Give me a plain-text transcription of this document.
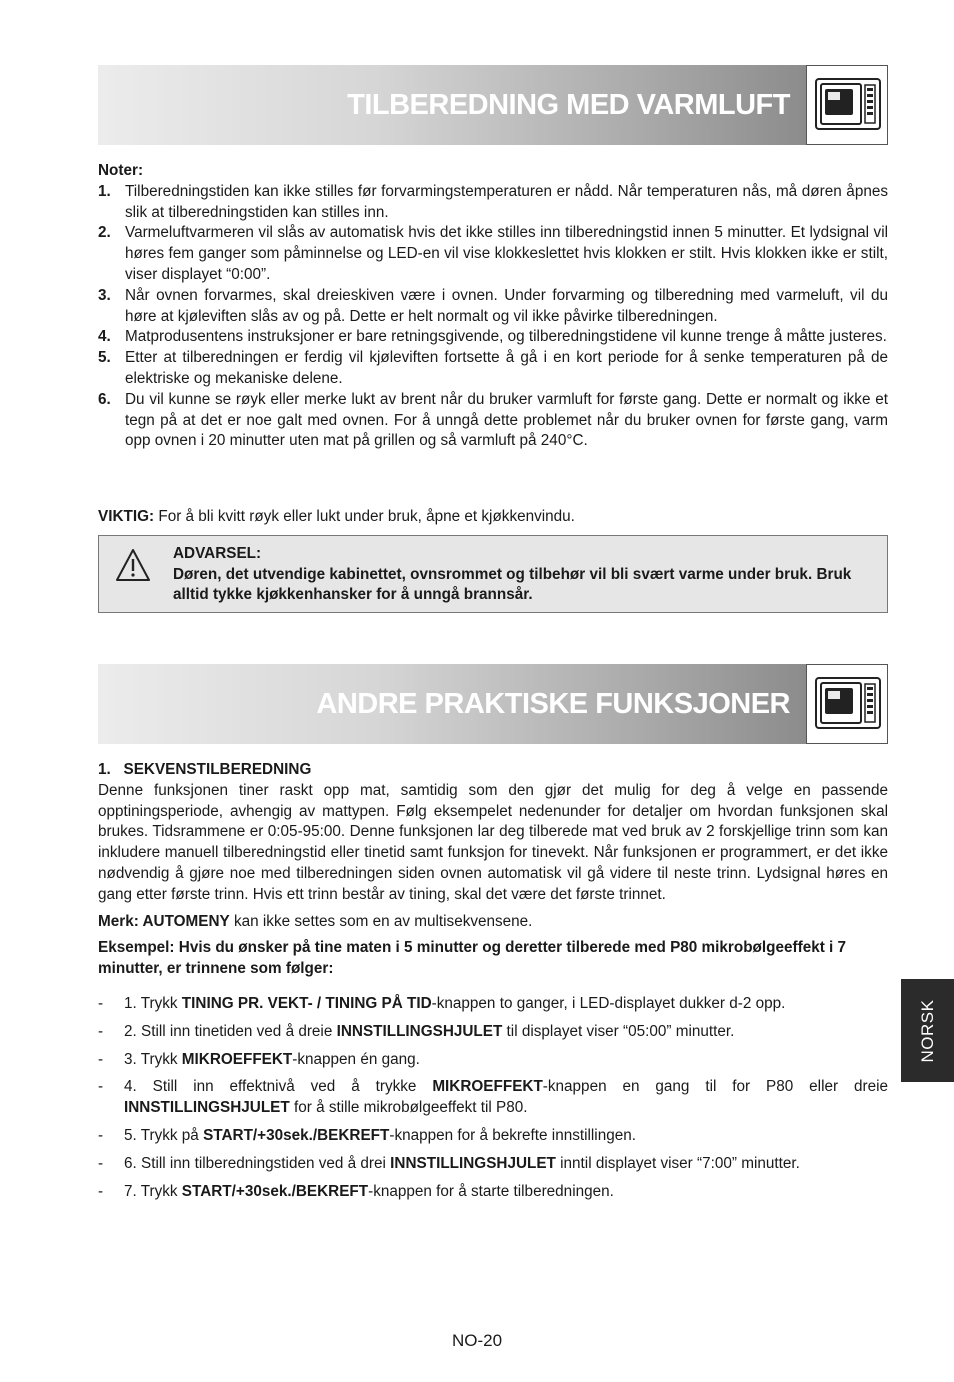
TILBEREDNING MED VARMLUFT
Noter:
1. Tilberedningstiden kan ikke stilles før forvarmingstemperaturen er nådd. Når temperaturen nås, må døren åpnes slik at tilberedningstiden kan stilles inn.
2. Varmeluftvarmeren vil slås av automatisk hvis det ikke stilles inn tilberedningstid innen 5 minutter. Et lydsignal vil høres fem ganger som påminnelse og LED-en vil vise klokkeslettet hvis klokken er stilt. Hvis klokken ikke er stilt, viser displayet “0:00”.
3. Når ovnen forvarmes, skal dreieskiven være i ovnen. Under forvarming og tilberedning med varmeluft, vil du høre at kjøleviften slås av og på. Dette er helt normalt og vil ikke påvirke tilberedningen.
4. Matprodusentens instruksjoner er bare retningsgivende, og tilberedningstidene vil kunne trenge å måtte justeres.
5. Etter at tilberedningen er ferdig vil kjøleviften fortsette å gå i en kort periode for å senke temperaturen på de elektriske og mekaniske delene.
6. Du vil kunne se røyk eller merke lukt av brent når du bruker varmluft for første gang. Dette er normalt og ikke et tegn på at det er noe galt med ovnen. For å unngå dette problemet når du bruker ovnen for første gang, varm opp ovnen i 20 minutter uten mat på grillen og så varmluft på 240°C.
VIKTIG: For å bli kvitt røyk eller lukt under bruk, åpne et kjøkkenvindu.
ADVARSEL:
Døren, det utvendige kabinettet, ovnsrommet og tilbehør vil bli svært varme under bruk. Bruk alltid tykke kjøkkenhansker for å unngå brannsår.
ANDRE PRAKTISKE FUNKSJONER
1. SEKVENSTILBEREDNING

Denne funksjonen tiner raskt opp mat, samtidig som den gjør det mulig for deg å velge en passende opptiningsperiode, avhengig av mattypen. Følg eksempelet nedenunder for detaljer om hvordan funksjonen skal brukes. Tidsrammene er 0:05-95:00. Denne funksjonen lar deg tilberede mat ved bruk av 2 forskjellige trinn som kan inkludere manuell tilberedningstid eller tinetid samt funksjon for tinevekt. Når funksjonen er programmert, er det ikke nødvendig å gjøre noe med tilberedningen siden ovnen automatisk vil gå videre til neste trinn. Lydsignal høres en gang etter første trinn. Hvis ett trinn består av tining, skal det være det første trinnet.

Merk: AUTOMENY kan ikke settes som en av multisekvensene.

Eksempel: Hvis du ønsker på tine maten i 5 minutter og deretter tilberede med P80 mikrobølgeeffekt i 7 minutter, er trinnene som følger:

- 1. Trykk TINING PR. VEKT- / TINING PÅ TID-knappen to ganger, i LED-displayet dukker d-2 opp.
- 2. Still inn tinetiden ved å dreie INNSTILLINGSHJULET til displayet viser “05:00” minutter.
- 3. Trykk MIKROEFFEKT-knappen én gang.
- 4. Still inn effektnivå ved å trykke MIKROEFFEKT-knappen en gang til for P80 eller dreie INNSTILLINGSHJULET for å stille mikrobølgeeffekt til P80.
- 5. Trykk på START/+30sek./BEKREFT-knappen for å bekrefte innstillingen.
- 6. Still inn tilberedningstiden ved å drei INNSTILLINGSHJULET inntil displayet viser “7:00” minutter.
- 7. Trykk START/+30sek./BEKREFT-knappen for å starte tilberedningen.
NORSK
NO-20
